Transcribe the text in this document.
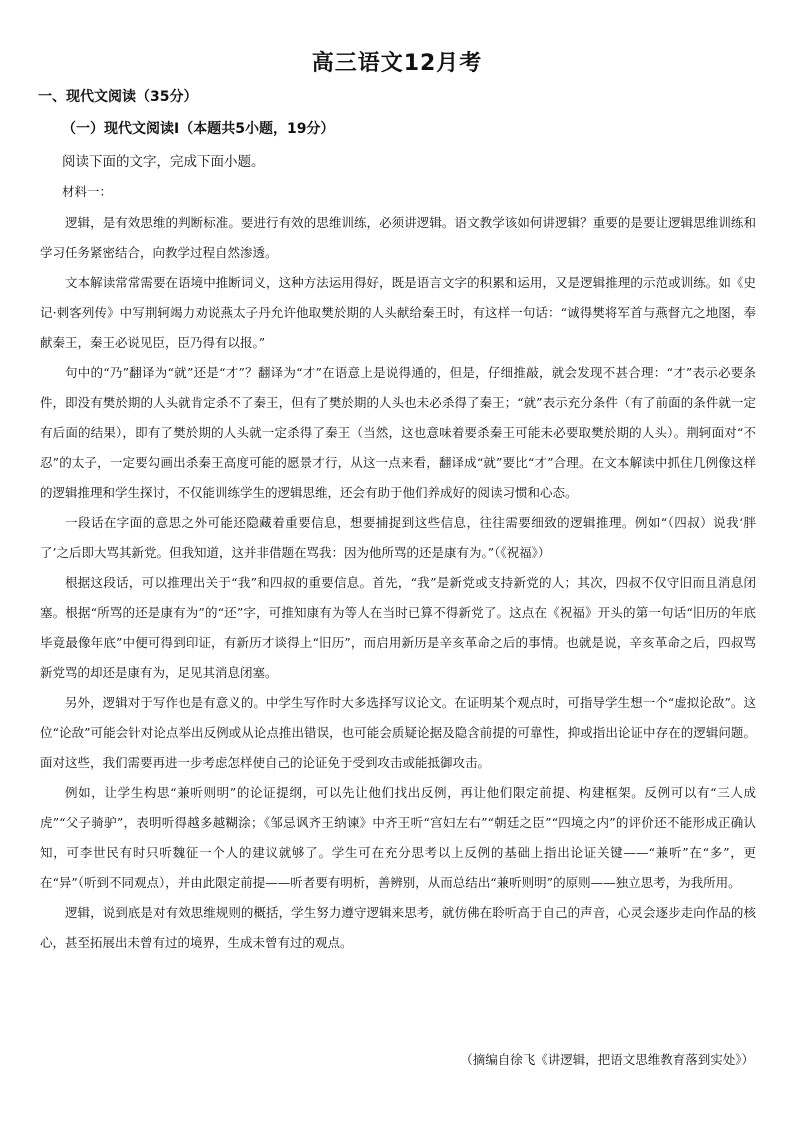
高三语文12月考
一、现代文阅读（35分）
（一）现代文阅读Ⅰ（本题共5小题，19分）
阅读下面的文字，完成下面小题。
材料一：

逻辑，是有效思维的判断标准。要进行有效的思维训练，必须讲逻辑。语文教学该如何讲逻辑？重要的是要让逻辑思维训练和学习任务紧密结合，向教学过程自然渗透。

文本解读常常需要在语境中推断词义，这种方法运用得好，既是语言文字的积累和运用，又是逻辑推理的示范或训练。如《史记·刺客列传》中写荆轲竭力劝说燕太子丹允许他取樊於期的人头献给秦王时，有这样一句话：“诚得樊将军首与燕督亢之地图，奉献秦王，秦王必说见臣，臣乃得有以报。”

句中的“乃”翻译为“就”还是“才”？翻译为“才”在语意上是说得通的，但是，仔细推敲，就会发现不甚合理：“才”表示必要条件，即没有樊於期的人头就肯定杀不了秦王，但有了樊於期的人头也未必杀得了秦王；“就”表示充分条件（有了前面的条件就一定有后面的结果），即有了樊於期的人头就一定杀得了秦王（当然，这也意味着要杀秦王可能未必要取樊於期的人头）。荆轲面对“不忍”的太子，一定要勾画出杀秦王高度可能的愿景才行，从这一点来看，翻译成“就”要比“才”合理。在文本解读中抓住几例像这样的逻辑推理和学生探讨，不仅能训练学生的逻辑思维，还会有助于他们养成好的阅读习惯和心态。

一段话在字面的意思之外可能还隐藏着重要信息，想要捕捉到这些信息，往往需要细致的逻辑推理。例如“（四叔）说我‘胖了’之后即大骂其新党。但我知道，这并非借题在骂我：因为他所骂的还是康有为。”（《祝福》）

根据这段话，可以推理出关于“我”和四叔的重要信息。首先，“我”是新党或支持新党的人；其次，四叔不仅守旧而且消息闭塞。根据“所骂的还是康有为”的“还”字，可推知康有为等人在当时已算不得新党了。这点在《祝福》开头的第一句话“旧历的年底毕竟最像年底”中便可得到印证，有新历才谈得上“旧历”，而启用新历是辛亥革命之后的事情。也就是说，辛亥革命之后，四叔骂新党骂的却还是康有为，足见其消息闭塞。

另外，逻辑对于写作也是有意义的。中学生写作时大多选择写议论文。在证明某个观点时，可指导学生想一个“虚拟论敌”。这位“论敌”可能会针对论点举出反例或从论点推出错误，也可能会质疑论据及隐含前提的可靠性，抑或指出论证中存在的逻辑问题。面对这些，我们需要再进一步考虑怎样使自己的论证免于受到攻击或能抵御攻击。

例如，让学生构思“兼听则明”的论证提纲，可以先让他们找出反例，再让他们限定前提、构建框架。反例可以有“三人成虎”“父子骑驴”，表明听得越多越糊涂；《邹忌讽齐王纳谏》中齐王听“宫妇左右”“朝廷之臣”“四境之内”的评价还不能形成正确认知，可李世民有时只听魏征一个人的建议就够了。学生可在充分思考以上反例的基础上指出论证关键——“兼听”在“多”，更在“异”（听到不同观点），并由此限定前提——听者要有明析，善辨别，从而总结出“兼听则明”的原则——独立思考，为我所用。

逻辑，说到底是对有效思维规则的概括，学生努力遵守逻辑来思考，就仿佛在聆听高于自己的声音，心灵会逐步走向作品的核心，甚至拓展出未曾有过的境界，生成未曾有过的观点。

（摘编自徐飞《讲逻辑，把语文思维教育落到实处》）
